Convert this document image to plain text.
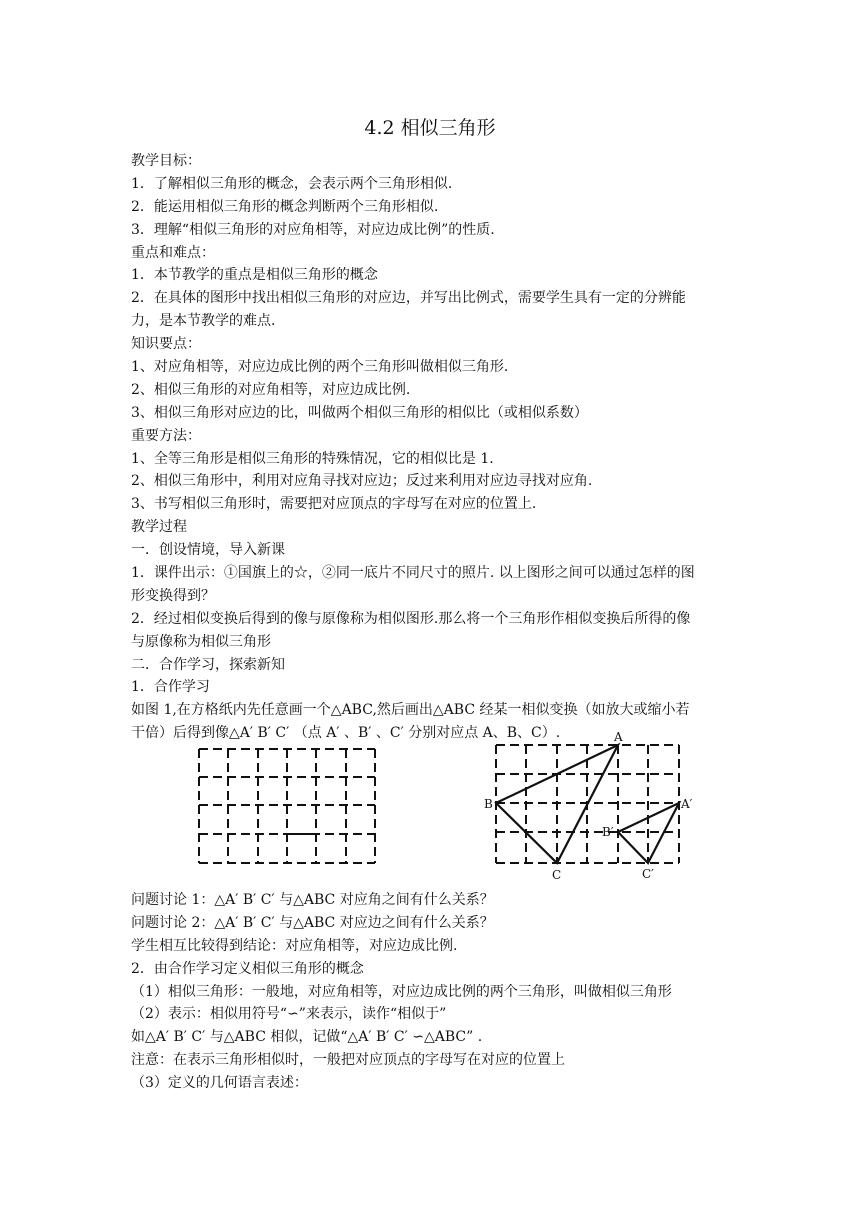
4.2 相似三角形
教学目标：
1．了解相似三角形的概念，会表示两个三角形相似.
2．能运用相似三角形的概念判断两个三角形相似.
3．理解“相似三角形的对应角相等，对应边成比例”的性质.
重点和难点：
1．本节教学的重点是相似三角形的概念
2．在具体的图形中找出相似三角形的对应边，并写出比例式，需要学生具有一定的分辨能
力，是本节教学的难点.
知识要点：
1、对应角相等，对应边成比例的两个三角形叫做相似三角形.
2、相似三角形的对应角相等，对应边成比例.
3、相似三角形对应边的比，叫做两个相似三角形的相似比（或相似系数）
重要方法：
1、全等三角形是相似三角形的特殊情况，它的相似比是 1.
2、相似三角形中，利用对应角寻找对应边；反过来利用对应边寻找对应角.
3、书写相似三角形时，需要把对应顶点的字母写在对应的位置上.
教学过程
一．创设情境，导入新课
1．课件出示：①国旗上的☆，②同一底片不同尺寸的照片. 以上图形之间可以通过怎样的图
形变换得到？
2．经过相似变换后得到的像与原像称为相似图形.那么将一个三角形作相似变换后所得的像
与原像称为相似三角形
二．合作学习，探索新知
1．合作学习
如图 1,在方格纸内先任意画一个△ABC,然后画出△ABC 经某一相似变换（如放大或缩小若
干倍）后得到像△A′ B′ C′ （点 A′ 、B′ 、C′ 分别对应点 A、B、C）.	A
B
C
A′
B′
C′
问题讨论 1：△A′ B′ C′ 与△ABC 对应角之间有什么关系？
问题讨论 2：△A′ B′ C′ 与△ABC 对应边之间有什么关系？
学生相互比较得到结论：对应角相等，对应边成比例.
2．由合作学习定义相似三角形的概念
（1）相似三角形：一般地，对应角相等，对应边成比例的两个三角形，叫做相似三角形
（2）表示：相似用符号“∽”来表示，读作“相似于”
如△A′ B′ C′ 与△ABC 相似，记做“△A′ B′ C′ ∽△ABC” .
注意：在表示三角形相似时，一般把对应顶点的字母写在对应的位置上
（3）定义的几何语言表述：
